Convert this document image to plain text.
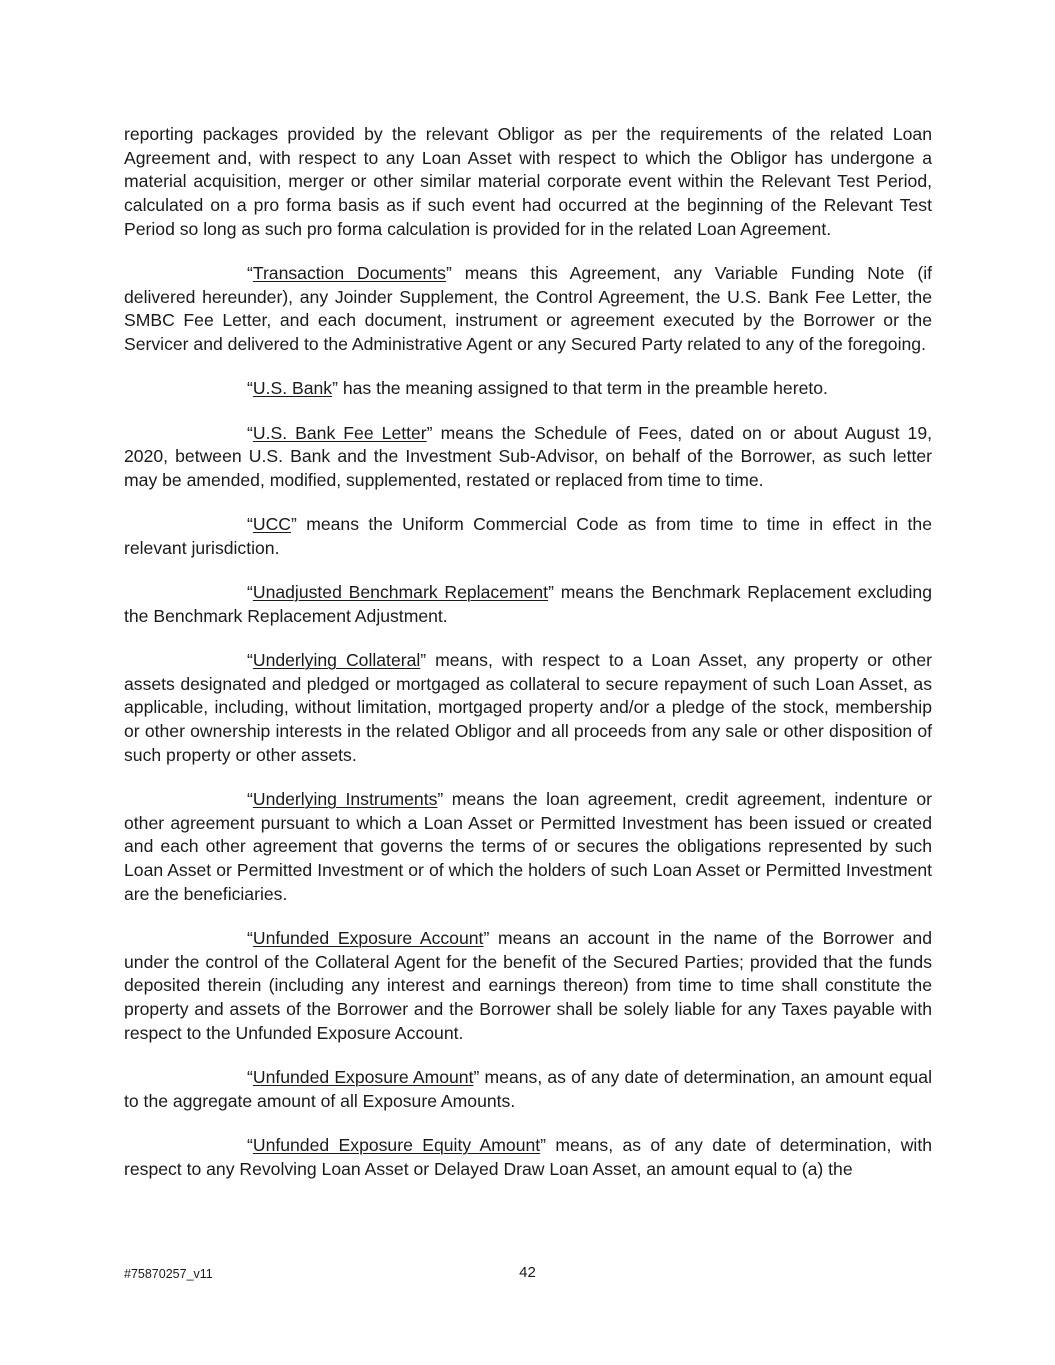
reporting packages provided by the relevant Obligor as per the requirements of the related Loan Agreement and, with respect to any Loan Asset with respect to which the Obligor has undergone a material acquisition, merger or other similar material corporate event within the Relevant Test Period, calculated on a pro forma basis as if such event had occurred at the beginning of the Relevant Test Period so long as such pro forma calculation is provided for in the related Loan Agreement.

“Transaction Documents” means this Agreement, any Variable Funding Note (if delivered hereunder), any Joinder Supplement, the Control Agreement, the U.S. Bank Fee Letter, the SMBC Fee Letter, and each document, instrument or agreement executed by the Borrower or the Servicer and delivered to the Administrative Agent or any Secured Party related to any of the foregoing.

“U.S. Bank” has the meaning assigned to that term in the preamble hereto.

“U.S. Bank Fee Letter” means the Schedule of Fees, dated on or about August 19, 2020, between U.S. Bank and the Investment Sub-Advisor, on behalf of the Borrower, as such letter may be amended, modified, supplemented, restated or replaced from time to time.

“UCC” means the Uniform Commercial Code as from time to time in effect in the relevant jurisdiction.

“Unadjusted Benchmark Replacement” means the Benchmark Replacement excluding the Benchmark Replacement Adjustment.

“Underlying Collateral” means, with respect to a Loan Asset, any property or other assets designated and pledged or mortgaged as collateral to secure repayment of such Loan Asset, as applicable, including, without limitation, mortgaged property and/or a pledge of the stock, membership or other ownership interests in the related Obligor and all proceeds from any sale or other disposition of such property or other assets.

“Underlying Instruments” means the loan agreement, credit agreement, indenture or other agreement pursuant to which a Loan Asset or Permitted Investment has been issued or created and each other agreement that governs the terms of or secures the obligations represented by such Loan Asset or Permitted Investment or of which the holders of such Loan Asset or Permitted Investment are the beneficiaries.

“Unfunded Exposure Account” means an account in the name of the Borrower and under the control of the Collateral Agent for the benefit of the Secured Parties; provided that the funds deposited therein (including any interest and earnings thereon) from time to time shall constitute the property and assets of the Borrower and the Borrower shall be solely liable for any Taxes payable with respect to the Unfunded Exposure Account.

“Unfunded Exposure Amount” means, as of any date of determination, an amount equal to the aggregate amount of all Exposure Amounts.

“Unfunded Exposure Equity Amount” means, as of any date of determination, with respect to any Revolving Loan Asset or Delayed Draw Loan Asset, an amount equal to (a) the

#75870257_v11	42
